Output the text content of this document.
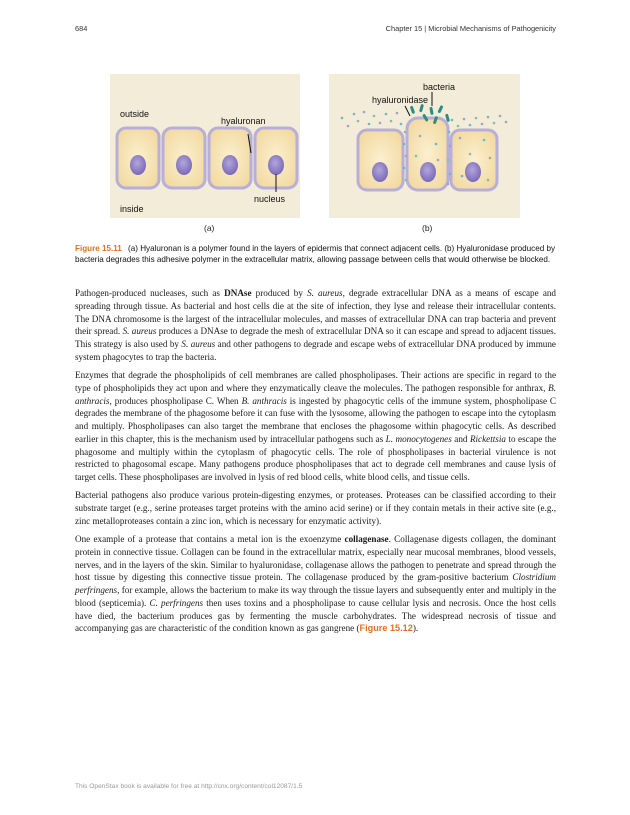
684	Chapter 15 | Microbial Mechanisms of Pathogenicity
outside
hyaluronan
nucleus
inside
bacteria
hyaluronidase
(a)	(b)
Figure 15.11 (a) Hyaluronan is a polymer found in the layers of epidermis that connect adjacent cells. (b) Hyaluronidase produced by bacteria degrades this adhesive polymer in the extracellular matrix, allowing passage between cells that would otherwise be blocked.

Pathogen-produced nucleases, such as DNAse produced by S. aureus, degrade extracellular DNA as a means of escape and spreading through tissue. As bacterial and host cells die at the site of infection, they lyse and release their intracellular contents. The DNA chromosome is the largest of the intracellular molecules, and masses of extracellular DNA can trap bacteria and prevent their spread. S. aureus produces a DNAse to degrade the mesh of extracellular DNA so it can escape and spread to adjacent tissues. This strategy is also used by S. aureus and other pathogens to degrade and escape webs of extracellular DNA produced by immune system phagocytes to trap the bacteria.

Enzymes that degrade the phospholipids of cell membranes are called phospholipases. Their actions are specific in regard to the type of phospholipids they act upon and where they enzymatically cleave the molecules. The pathogen responsible for anthrax, B. anthracis, produces phospholipase C. When B. anthracis is ingested by phagocytic cells of the immune system, phospholipase C degrades the membrane of the phagosome before it can fuse with the lysosome, allowing the pathogen to escape into the cytoplasm and multiply. Phospholipases can also target the membrane that encloses the phagosome within phagocytic cells. As described earlier in this chapter, this is the mechanism used by intracellular pathogens such as L. monocytogenes and Rickettsia to escape the phagosome and multiply within the cytoplasm of phagocytic cells. The role of phospholipases in bacterial virulence is not restricted to phagosomal escape. Many pathogens produce phospholipases that act to degrade cell membranes and cause lysis of target cells. These phospholipases are involved in lysis of red blood cells, white blood cells, and tissue cells.

Bacterial pathogens also produce various protein-digesting enzymes, or proteases. Proteases can be classified according to their substrate target (e.g., serine proteases target proteins with the amino acid serine) or if they contain metals in their active site (e.g., zinc metalloproteases contain a zinc ion, which is necessary for enzymatic activity).

One example of a protease that contains a metal ion is the exoenzyme collagenase. Collagenase digests collagen, the dominant protein in connective tissue. Collagen can be found in the extracellular matrix, especially near mucosal membranes, blood vessels, nerves, and in the layers of the skin. Similar to hyaluronidase, collagenase allows the pathogen to penetrate and spread through the host tissue by digesting this connective tissue protein. The collagenase produced by the gram-positive bacterium Clostridium perfringens, for example, allows the bacterium to make its way through the tissue layers and subsequently enter and multiply in the blood (septicemia). C. perfringens then uses toxins and a phospholipase to cause cellular lysis and necrosis. Once the host cells have died, the bacterium produces gas by fermenting the muscle carbohydrates. The widespread necrosis of tissue and accompanying gas are characteristic of the condition known as gas gangrene (Figure 15.12).

This OpenStax book is available for free at http://cnx.org/content/col12087/1.5
